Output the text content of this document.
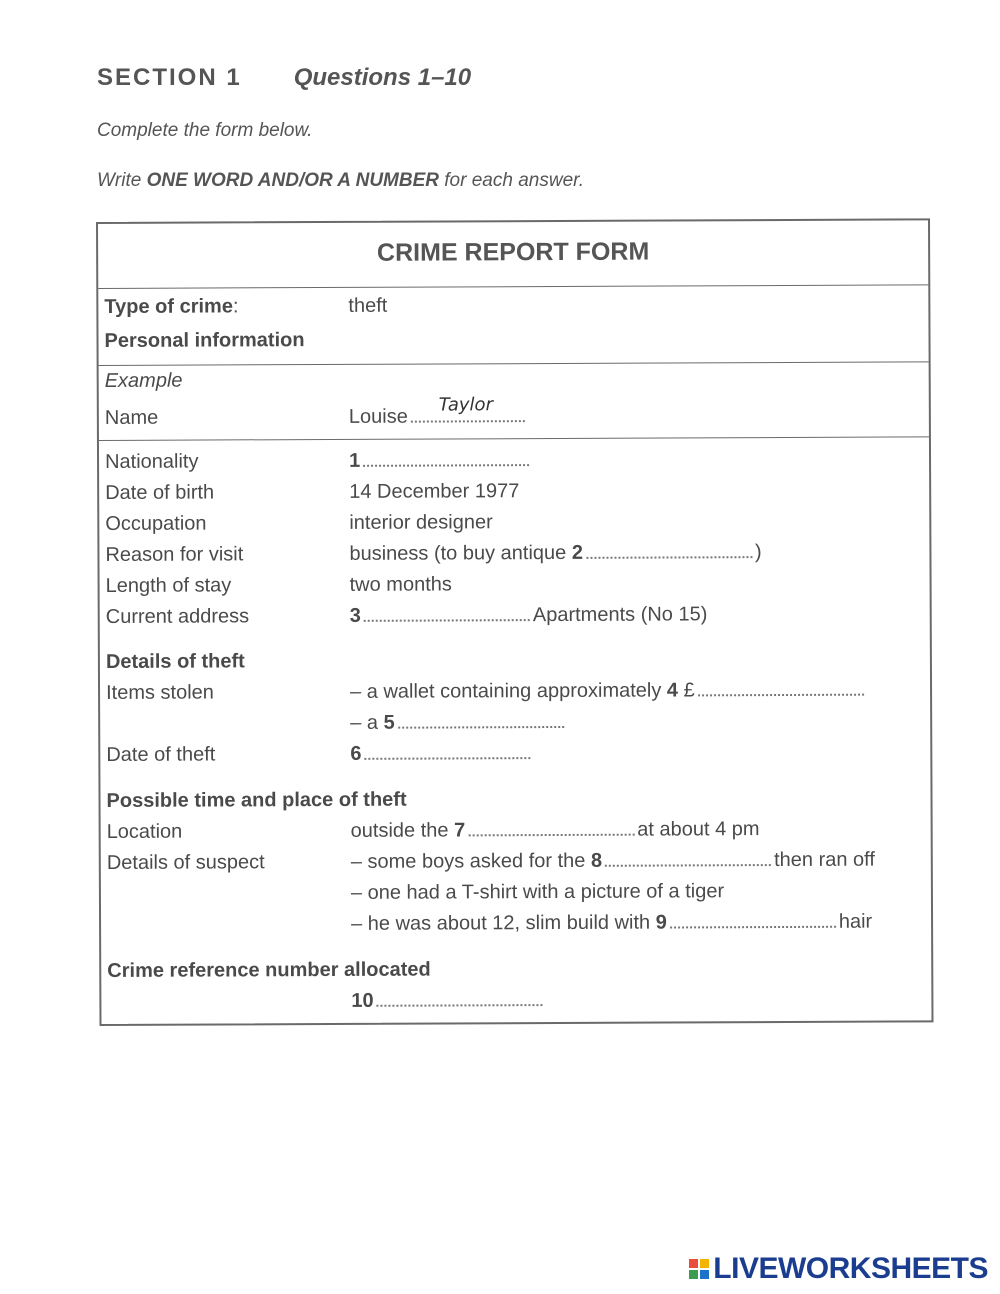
SECTION 1 Questions 1–10
Complete the form below.
Write ONE WORD AND/OR A NUMBER for each answer.
CRIME REPORT FORM
Type of crime:	theft
Personal information
Example
Name	Louise
Taylor
Nationality	1
Date of birth	14 December 1977
Occupation	interior designer
Reason for visit	business (to buy antique 2	)
Length of stay	two months
Current address	3	Apartments (No 15)
Details of theft
Items stolen	– a wallet containing approximately 4 £
– a 5
Date of theft	6
Possible time and place of theft
Location	outside the 7	at about 4 pm
Details of suspect	– some boys asked for the 8	then ran off
– one had a T-shirt with a picture of a tiger
– he was about 12, slim build with 9	hair
Crime reference number allocated
10
LIVEWORKSHEETS
